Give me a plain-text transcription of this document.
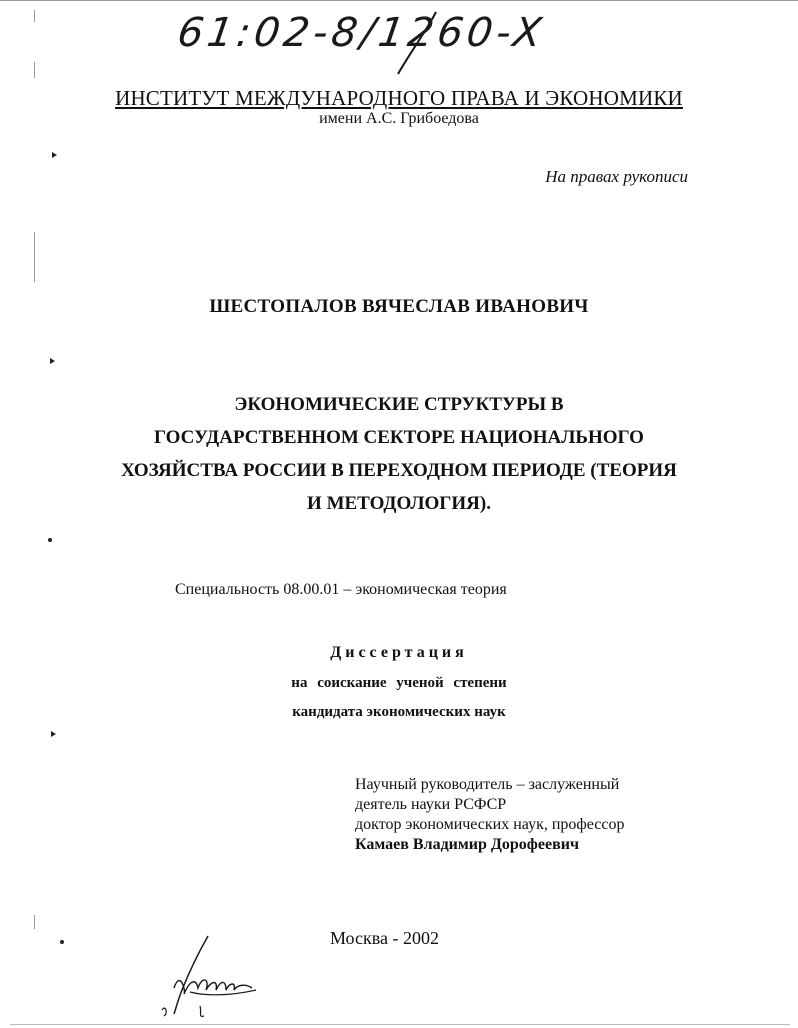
61:02-8/1260-X
ИНСТИТУТ МЕЖДУНАРОДНОГО ПРАВА И ЭКОНОМИКИ
имени А.С. Грибоедова
На правах рукописи
ШЕСТОПАЛОВ ВЯЧЕСЛАВ ИВАНОВИЧ
ЭКОНОМИЧЕСКИЕ СТРУКТУРЫ В
ГОСУДАРСТВЕННОМ СЕКТОРЕ НАЦИОНАЛЬНОГО
ХОЗЯЙСТВА РОССИИ В ПЕРЕХОДНОМ ПЕРИОДЕ (ТЕОРИЯ
И МЕТОДОЛОГИЯ).
Специальность 08.00.01 – экономическая теория
Диссертация
на соискание ученой степени
кандидата экономических наук
Научный руководитель – заслуженный
деятель науки РСФСР
доктор экономических наук, профессор
Камаев Владимир Дорофеевич
Москва - 2002
